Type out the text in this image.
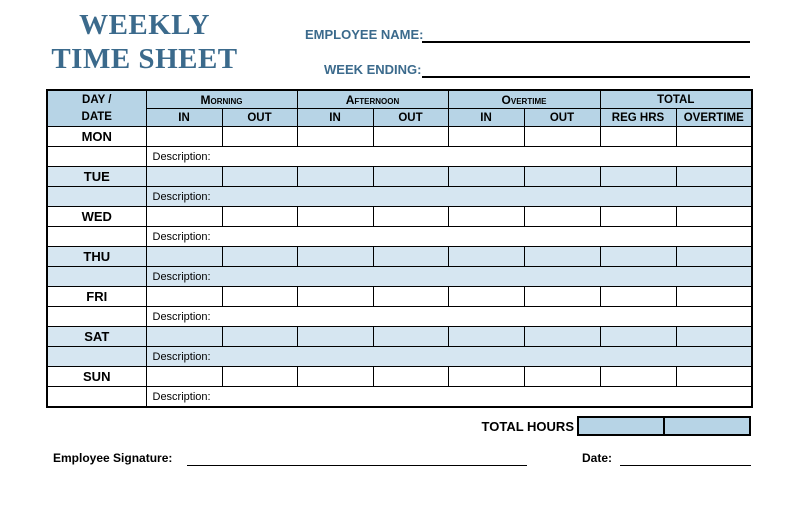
WEEKLY
TIME SHEET
EMPLOYEE NAME:
WEEK ENDING:
DAY /
DATE	Morning		Afternoon		Overtime		TOTAL	
	IN	OUT	IN	OUT	IN	OUT	REG HRS	OVERTIME
MON								
	Description:							
TUE								
	Description:							
WED								
	Description:							
THU								
	Description:							
FRI								
	Description:							
SAT								
	Description:							
SUN								
	Description:							
TOTAL HOURS
Employee Signature:	Date:
